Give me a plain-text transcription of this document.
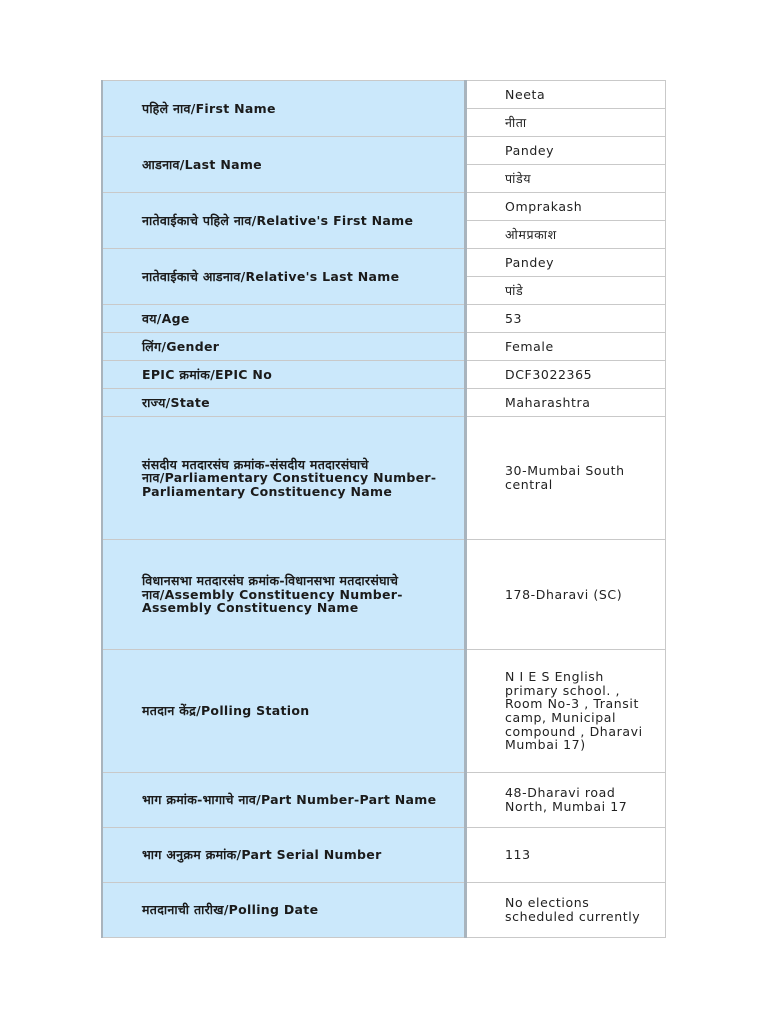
पहिले नाव/First Name	Neeta
	नीता
आडनाव/Last Name	Pandey
	पांडेय
नातेवाईकाचे पहिले नाव/Relative's First Name	Omprakash
	ओमप्रकाश
नातेवाईकाचे आडनाव/Relative's Last Name	Pandey
	पांडे
वय/Age	53
लिंग/Gender	Female
EPIC क्रमांक/EPIC No	DCF3022365
राज्य/State	Maharashtra
संसदीय मतदारसंघ क्रमांक-संसदीय मतदारसंघाचे नाव/Parliamentary Constituency Number-Parliamentary Constituency Name	30-Mumbai South central
विधानसभा मतदारसंघ क्रमांक-विधानसभा मतदारसंघाचे नाव/Assembly Constituency Number-Assembly Constituency Name	178-Dharavi (SC)
मतदान केंद्र/Polling Station	N I E S English primary school. , Room No-3 , Transit camp, Municipal compound , Dharavi Mumbai 17)
भाग क्रमांक-भागाचे नाव/Part Number-Part Name	48-Dharavi road North, Mumbai 17
भाग अनुक्रम क्रमांक/Part Serial Number	113
मतदानाची तारीख/Polling Date	No elections scheduled currently
